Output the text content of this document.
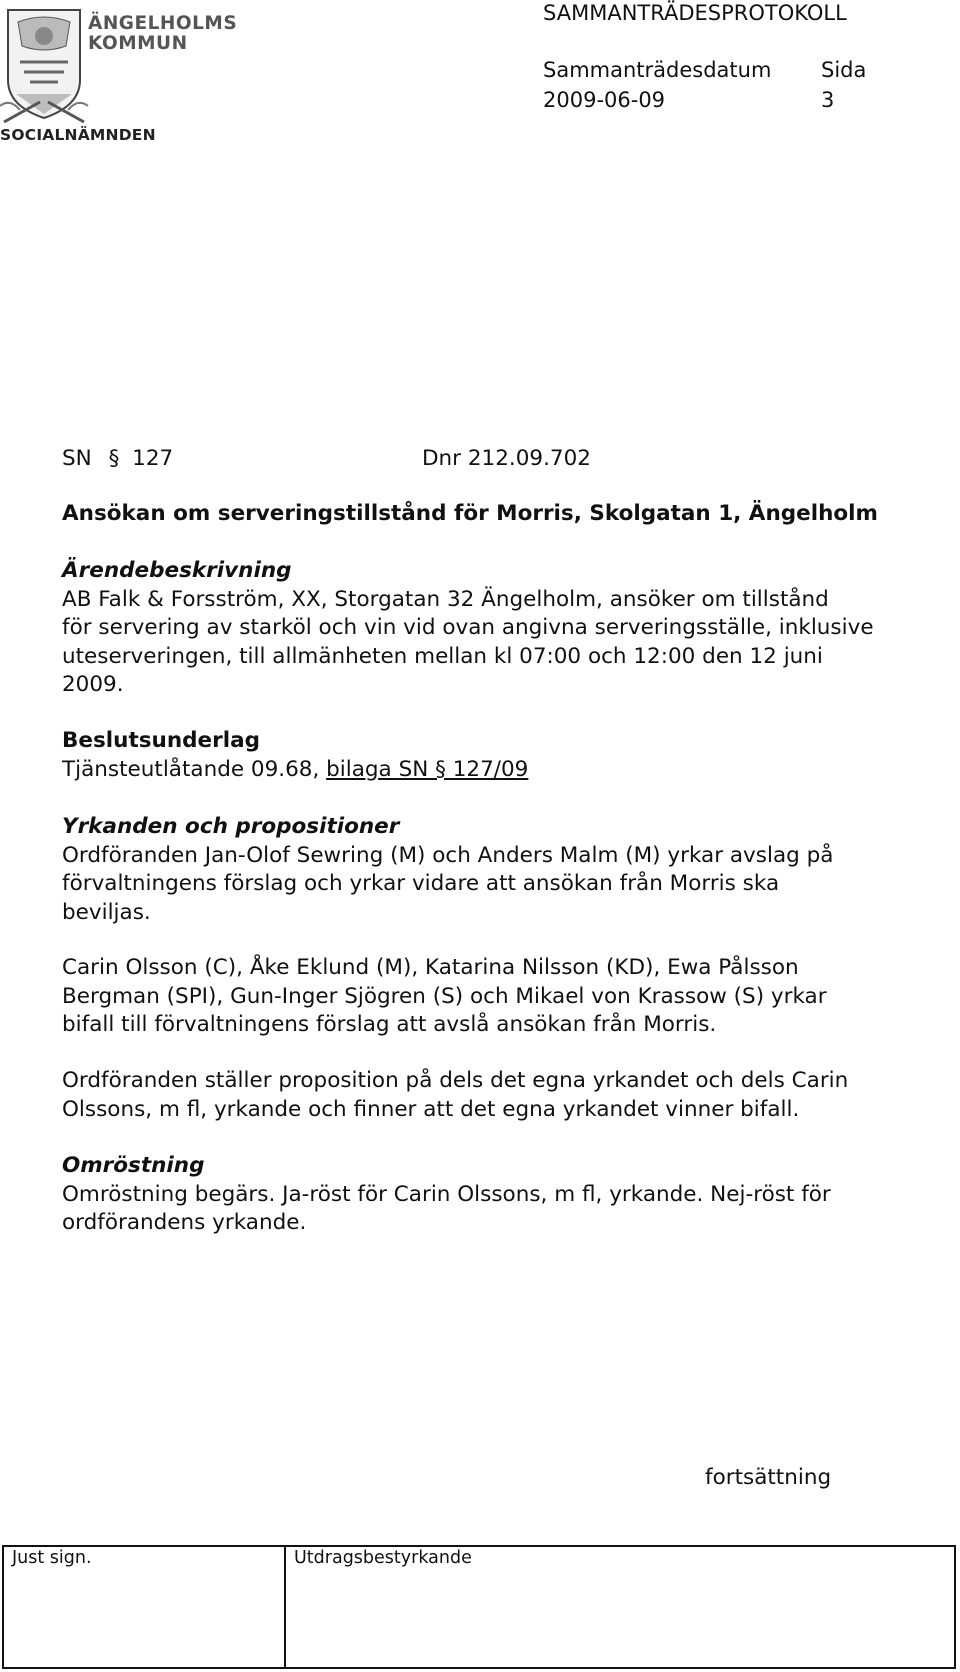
ÄNGELHOLMS
KOMMUN
SOCIALNÄMNDEN
SAMMANTRÄDESPROTOKOLL
Sammanträdesdatum Sida
2009-06-09	3
SN § 127	Dnr 212.09.702
Ansökan om serveringstillstånd för Morris, Skolgatan 1, Ängelholm
Ärendebeskrivning
AB Falk & Forsström, XX, Storgatan 32 Ängelholm, ansöker om tillstånd
för servering av starköl och vin vid ovan angivna serveringsställe, inklusive
uteserveringen, till allmänheten mellan kl 07:00 och 12:00 den 12 juni
2009.
Beslutsunderlag
Tjänsteutlåtande 09.68, bilaga SN § 127/09
Yrkanden och propositioner
Ordföranden Jan-Olof Sewring (M) och Anders Malm (M) yrkar avslag på
förvaltningens förslag och yrkar vidare att ansökan från Morris ska
beviljas.
Carin Olsson (C), Åke Eklund (M), Katarina Nilsson (KD), Ewa Pålsson
Bergman (SPI), Gun-Inger Sjögren (S) och Mikael von Krassow (S) yrkar
bifall till förvaltningens förslag att avslå ansökan från Morris.
Ordföranden ställer proposition på dels det egna yrkandet och dels Carin
Olssons, m fl, yrkande och finner att det egna yrkandet vinner bifall.
Omröstning
Omröstning begärs. Ja-röst för Carin Olssons, m fl, yrkande. Nej-röst för
ordförandens yrkande.
fortsättning
Just sign.	Utdragsbestyrkande
